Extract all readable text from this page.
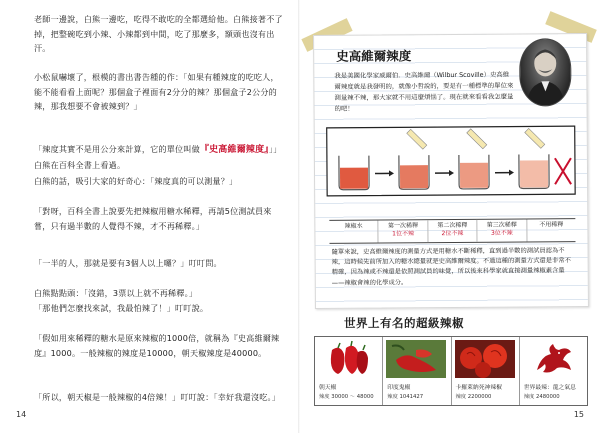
老師一邊說，白熊一邊吃，吃得不敢吃的全都選給他。白熊接著不了掉，把整碗吃到小辣、小辣都到中間，吃了那麼多，額頭也沒有出汗。

小松鼠嚇壞了，根模的書出書告種的作：「如果有種辣度的吃吃人，能不能看看上面呢？那個盒子裡面有2分分的辣？那個盒子2公分的辣，那我想要不會被辣到？」

「辣度其實不是用公分來計算，它的單位叫做『史高維爾辣度』」」白熊在百科全書上看過。

白熊的話，吸引大家的好奇心：「辣度真的可以測量？」

「對呀，百科全書上說要先把辣椒用糖水稀釋，再請5位測試員來嘗，只有過半數的人覺得不辣，才不再稀釋。」

「一半的人，那就是要有3個人以上囉？」叮叮問。

白熊點點頭：「沒錯，3票以上就不再稀釋。」

「那他們怎麼找來試，我最怕辣了！」叮叮說。

「假如用來稀釋的糖水是原來辣椒的1000倍，就稱為『史高維爾辣度』1000。一般辣椒的辣度是10000，朝天椒辣度是40000。

「所以，朝天椒是一般辣椒的4倍辣！」叮叮說：「幸好我還沒吃。」

14
史高維爾辣度

我是美國化學家威爾伯．史高維爾（Wilbur Scoville）史高維爾辣度就是我發明的，就像小哲說的，要是有一種標準的單位來測量辣不辣，那大家就不用這麼煩惱了。現在就來看看我怎麼量的吧！

辣椒水	第一次稀釋
1位不辣
第二次稀釋
2位不辣
第三次稀釋
3位不辣
不用稀釋

隨單來說，史高維爾辣度的測量方式是用糖水不斷稀釋，直到過半數的測試員認為不辣，這時候先前所加入的糖水總量就是史高維爾辣度。不過這種的測量方式還是非常不精確，因為辣或不辣還是依照測試員的味覺，所以後來科學家就直接測量辣椒素含量——辣椒會辣的化學成分。

世界上有名的超級辣椒
朝天椒
辣度 30000 ～ 48000
印度鬼椒
辣度 1041427
卡羅萊納死神辣椒
辣度 2200000
世界最辣：龍之氣息
辣度 2480000
15
